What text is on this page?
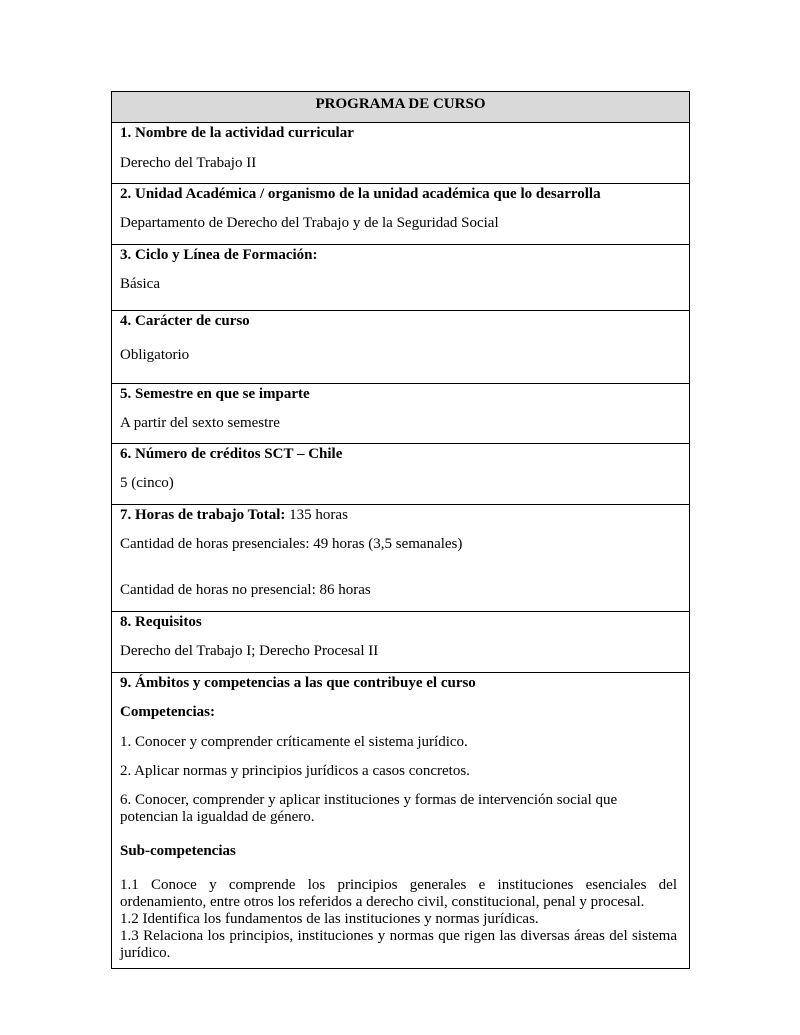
PROGRAMA DE CURSO
1. Nombre de la actividad curricular
Derecho del Trabajo II
2. Unidad Académica / organismo de la unidad académica que lo desarrolla
Departamento de Derecho del Trabajo y de la Seguridad Social
3. Ciclo y Línea de Formación:
Básica
4. Carácter de curso
Obligatorio
5. Semestre en que se imparte
A partir del sexto semestre
6. Número de créditos SCT – Chile
5 (cinco)
7. Horas de trabajo Total: 135 horas
Cantidad de horas presenciales: 49 horas (3,5 semanales)
Cantidad de horas no presencial: 86 horas
8. Requisitos
Derecho del Trabajo I; Derecho Procesal II
9. Ámbitos y competencias a las que contribuye el curso
Competencias:
1. Conocer y comprender críticamente el sistema jurídico.
2. Aplicar normas y principios jurídicos a casos concretos.
6. Conocer, comprender y aplicar instituciones y formas de intervención social que potencian la igualdad de género.
Sub-competencias
1.1 Conoce y comprende los principios generales e instituciones esenciales del ordenamiento, entre otros los referidos a derecho civil, constitucional, penal y procesal.
1.2 Identifica los fundamentos de las instituciones y normas jurídicas.
1.3 Relaciona los principios, instituciones y normas que rigen las diversas áreas del sistema jurídico.
